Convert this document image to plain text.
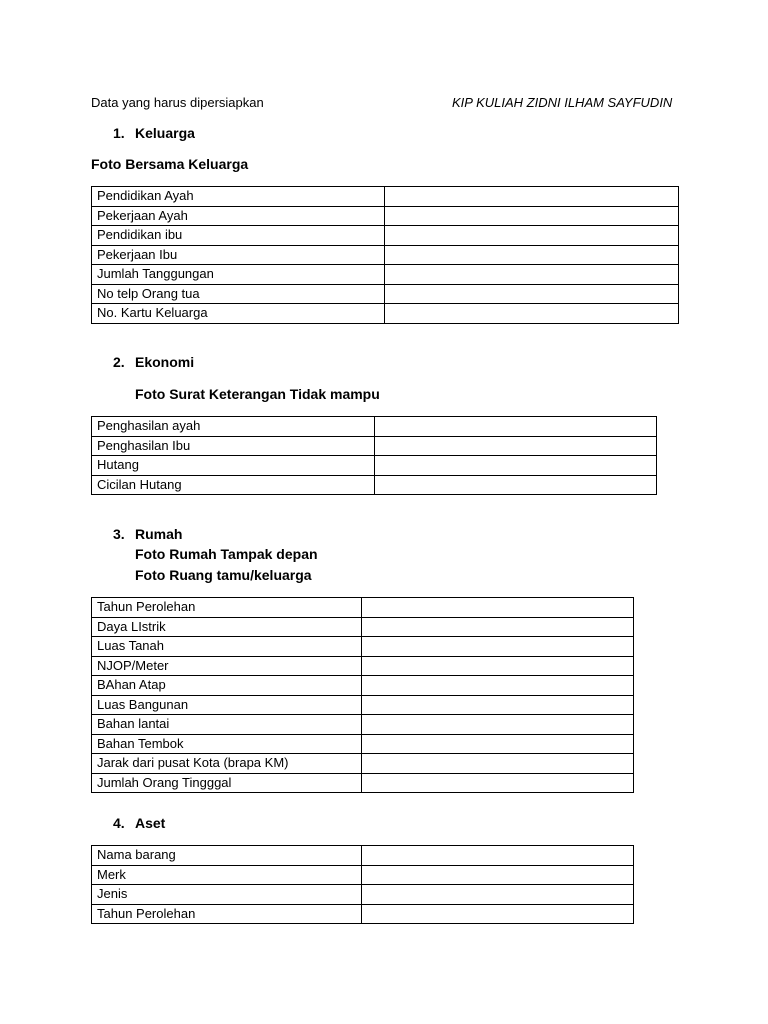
Data yang harus dipersiapkan	KIP KULIAH ZIDNI ILHAM SAYFUDIN
1. Keluarga
Foto Bersama Keluarga
Pendidikan Ayah	
Pekerjaan Ayah	
Pendidikan ibu	
Pekerjaan Ibu	
Jumlah Tanggungan	
No telp Orang tua	
No. Kartu Keluarga	
2. Ekonomi
Foto Surat Keterangan Tidak mampu
Penghasilan ayah	
Penghasilan Ibu	
Hutang	
Cicilan Hutang	
3. Rumah
Foto Rumah Tampak depan
Foto Ruang tamu/keluarga
Tahun Perolehan	
Daya LIstrik	
Luas Tanah	
NJOP/Meter	
BAhan Atap	
Luas Bangunan	
Bahan lantai	
Bahan Tembok	
Jarak dari pusat Kota (brapa KM)	
Jumlah Orang Tingggal	
4. Aset
Nama barang	
Merk	
Jenis	
Tahun Perolehan	
